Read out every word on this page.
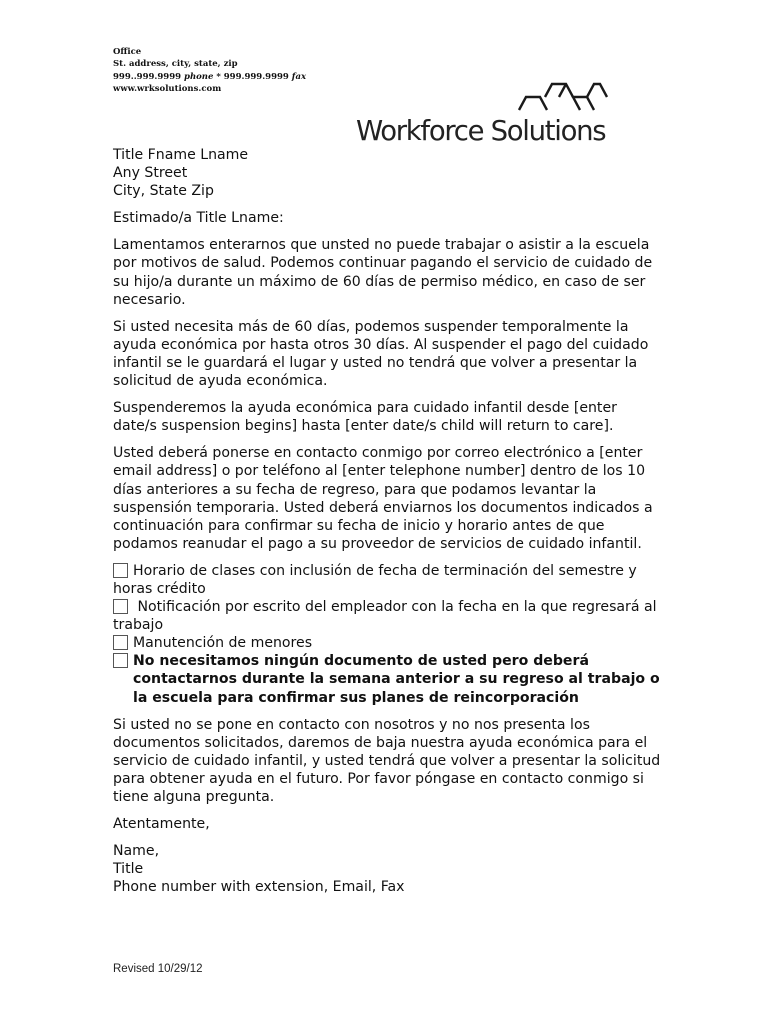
Office
St. address, city, state, zip
999..999.9999 phone * 999.999.9999 fax
www.wrksolutions.com
Workforce Solutions

Title Fname Lname
Any Street
City, State Zip

Estimado/a Title Lname:

Lamentamos enterarnos que unsted no puede trabajar o asistir a la escuela por motivos de salud. Podemos continuar pagando el servicio de cuidado de su hijo/a durante un máximo de 60 días de permiso médico, en caso de ser necesario.

Si usted necesita más de 60 días, podemos suspender temporalmente la ayuda económica por hasta otros 30 días. Al suspender el pago del cuidado infantil se le guardará el lugar y usted no tendrá que volver a presentar la solicitud de ayuda económica.

Suspenderemos la ayuda económica para cuidado infantil desde [enter date/s suspension begins] hasta [enter date/s child will return to care].

Usted deberá ponerse en contacto conmigo por correo electrónico a [enter email address] o por teléfono al [enter telephone number] dentro de los 10 días anteriores a su fecha de regreso, para que podamos levantar la suspensión temporaria. Usted deberá enviarnos los documentos indicados a continuación para confirmar su fecha de inicio y horario antes de que podamos reanudar el pago a su proveedor de servicios de cuidado infantil.

Horario de clases con inclusión de fecha de terminación del semestre y horas crédito
Notificación por escrito del empleador con la fecha en la que regresará al trabajo
Manutención de menores
No necesitamos ningún documento de usted pero deberá contactarnos durante la semana anterior a su regreso al trabajo o la escuela para confirmar sus planes de reincorporación

Si usted no se pone en contacto con nosotros y no nos presenta los documentos solicitados, daremos de baja nuestra ayuda económica para el servicio de cuidado infantil, y usted tendrá que volver a presentar la solicitud para obtener ayuda en el futuro. Por favor póngase en contacto conmigo si tiene alguna pregunta.

Atentamente,

Name,
Title
Phone number with extension, Email, Fax

Revised 10/29/12
